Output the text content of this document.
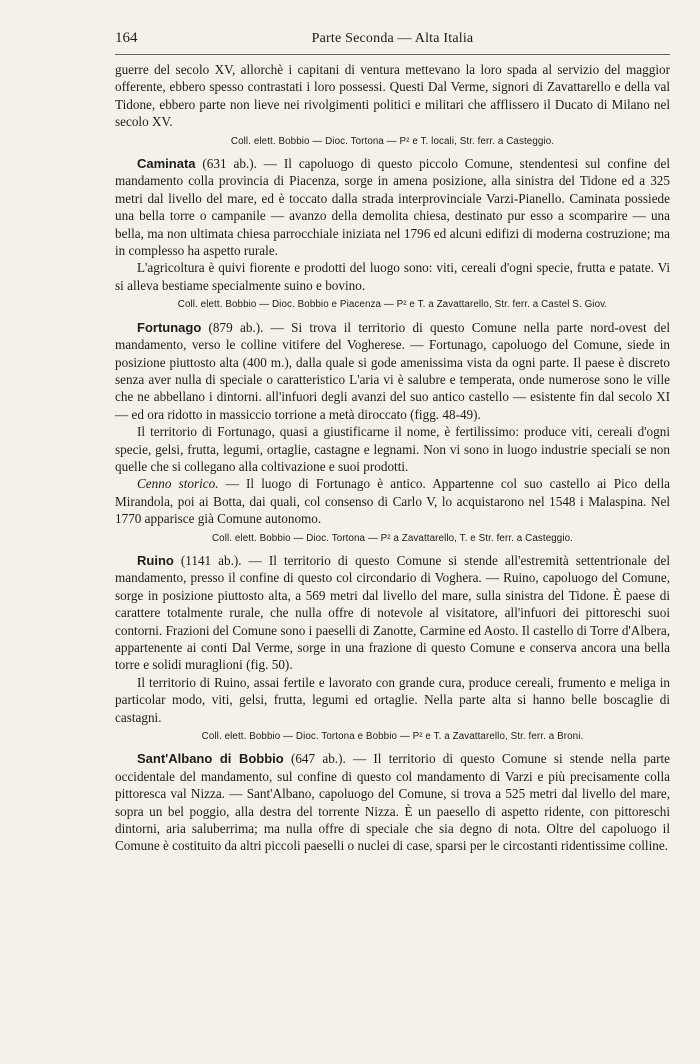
164	Parte Seconda — Alta Italia

guerre del secolo XV, allorchè i capitani di ventura mettevano la loro spada al servizio del maggior offerente, ebbero spesso contrastati i loro possessi. Questi Dal Verme, signori di Zavattarello e della val Tidone, ebbero parte non lieve nei rivolgimenti politici e militari che afflissero il Ducato di Milano nel secolo XV.

Coll. elett. Bobbio — Dioc. Tortona — P² e T. locali, Str. ferr. a Casteggio.

Caminata (631 ab.). — Il capoluogo di questo piccolo Comune, stendentesi sul confine del mandamento colla provincia di Piacenza, sorge in amena posizione, alla sinistra del Tidone ed a 325 metri dal livello del mare, ed è toccato dalla strada interprovinciale Varzi-Pianello. Caminata possiede una bella torre o campanile — avanzo della demolita chiesa, destinato pur esso a scomparire — una bella, ma non ultimata chiesa parrocchiale iniziata nel 1796 ed alcuni edifizi di moderna costruzione; ma in complesso ha aspetto rurale.

L'agricoltura è quivi fiorente e prodotti del luogo sono: viti, cereali d'ogni specie, frutta e patate. Vi si alleva bestiame specialmente suino e bovino.

Coll. elett. Bobbio — Dioc. Bobbio e Piacenza — P² e T. a Zavattarello, Str. ferr. a Castel S. Giov.

Fortunago (879 ab.). — Si trova il territorio di questo Comune nella parte nord-ovest del mandamento, verso le colline vitifere del Vogherese. — Fortunago, capoluogo del Comune, siede in posizione piuttosto alta (400 m.), dalla quale si gode amenissima vista da ogni parte. Il paese è discreto senza aver nulla di speciale o caratteristico L'aria vi è salubre e temperata, onde numerose sono le ville che ne abbellano i dintorni. all'infuori degli avanzi del suo antico castello — esistente fin dal secolo XI — ed ora ridotto in massiccio torrione a metà diroccato (figg. 48-49).

Il territorio di Fortunago, quasi a giustificarne il nome, è fertilissimo: produce viti, cereali d'ogni specie, gelsi, frutta, legumi, ortaglie, castagne e legnami. Non vi sono in luogo industrie speciali se non quelle che si collegano alla coltivazione e suoi prodotti.

Cenno storico. — Il luogo di Fortunago è antico. Appartenne col suo castello ai Pico della Mirandola, poi ai Botta, dai quali, col consenso di Carlo V, lo acquistarono nel 1548 i Malaspina. Nel 1770 apparisce già Comune autonomo.

Coll. elett. Bobbio — Dioc. Tortona — P² a Zavattarello, T. e Str. ferr. a Casteggio.

Ruino (1141 ab.). — Il territorio di questo Comune si stende all'estremità settentrionale del mandamento, presso il confine di questo col circondario di Voghera. — Ruino, capoluogo del Comune, sorge in posizione piuttosto alta, a 569 metri dal livello del mare, sulla sinistra del Tidone. È paese di carattere totalmente rurale, che nulla offre di notevole al visitatore, all'infuori dei pittoreschi suoi contorni. Frazioni del Comune sono i paeselli di Zanotte, Carmine ed Aosto. Il castello di Torre d'Albera, appartenente ai conti Dal Verme, sorge in una frazione di questo Comune e conserva ancora una bella torre e solidi muraglioni (fig. 50).

Il territorio di Ruino, assai fertile e lavorato con grande cura, produce cereali, frumento e meliga in particolar modo, viti, gelsi, frutta, legumi ed ortaglie. Nella parte alta si hanno belle boscaglie di castagni.

Coll. elett. Bobbio — Dioc. Tortona e Bobbio — P² e T. a Zavattarello, Str. ferr. a Broni.

Sant'Albano di Bobbio (647 ab.). — Il territorio di questo Comune si stende nella parte occidentale del mandamento, sul confine di questo col mandamento di Varzi e più precisamente colla pittoresca val Nizza. — Sant'Albano, capoluogo del Comune, si trova a 525 metri dal livello del mare, sopra un bel poggio, alla destra del torrente Nizza. È un paesello di aspetto ridente, con pittoreschi dintorni, aria saluberrima; ma nulla offre di speciale che sia degno di nota. Oltre del capoluogo il Comune è costituito da altri piccoli paeselli o nuclei di case, sparsi per le circostanti ridentissime colline.
